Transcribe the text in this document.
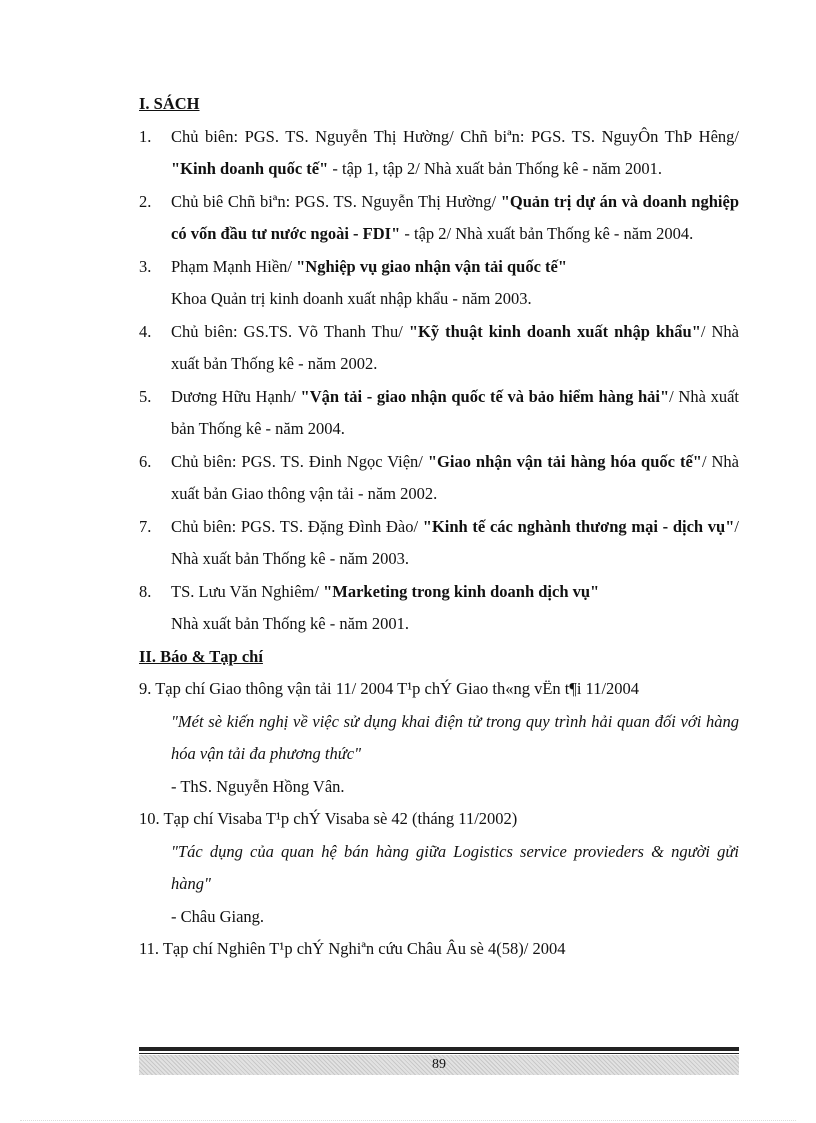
I. SÁCH
1. Chủ biên: PGS. TS. Nguyễn Thị Hường/ Chñ biªn: PGS. TS. NguyÔn ThÞ Hêng/ "Kinh doanh quốc tế" - tập 1, tập 2/ Nhà xuất bản Thống kê - năm 2001.
2. Chủ biê Chñ biªn: PGS. TS. Nguyễn Thị Hường/ "Quản trị dự án và doanh nghiệp có vốn đầu tư nước ngoài - FDI" - tập 2/ Nhà xuất bản Thống kê - năm 2004.
3. Phạm Mạnh Hiền/ "Nghiệp vụ giao nhận vận tải quốc tế"
Khoa Quản trị kinh doanh xuất nhập khẩu - năm 2003.
4. Chủ biên: GS.TS. Võ Thanh Thu/ "Kỹ thuật kinh doanh xuất nhập khẩu"/ Nhà xuất bản Thống kê - năm 2002.
5. Dương Hữu Hạnh/ "Vận tải - giao nhận quốc tế và bảo hiểm hàng hải"/ Nhà xuất bản Thống kê - năm 2004.
6. Chủ biên: PGS. TS. Đinh Ngọc Viện/ "Giao nhận vận tải hàng hóa quốc tế"/ Nhà xuất bản Giao thông vận tải - năm 2002.
7. Chủ biên: PGS. TS. Đặng Đình Đào/ "Kinh tế các nghành thương mại - dịch vụ"/ Nhà xuất bản Thống kê - năm 2003.
8. TS. Lưu Văn Nghiêm/ "Marketing trong kinh doanh dịch vụ"
Nhà xuất bản Thống kê - năm 2001.
II. Báo & Tạp chí
9. Tạp chí Giao thông vận tải 11/ 2004 T¹p chÝ Giao th«ng vËn t¶i 11/2004
"Mét sè kiến nghị về việc sử dụng khai điện tử trong quy trình hải quan đối với hàng hóa vận tải đa phương thức"
- ThS. Nguyễn Hồng Vân.
10. Tạp chí Visaba T¹p chÝ Visaba sè 42 (tháng 11/2002)
"Tác dụng của quan hệ bán hàng giữa Logistics service provieders & người gửi hàng"
- Châu Giang.
11. Tạp chí Nghiên T¹p chÝ Nghiªn cứu Châu Âu sè 4(58)/ 2004
89
